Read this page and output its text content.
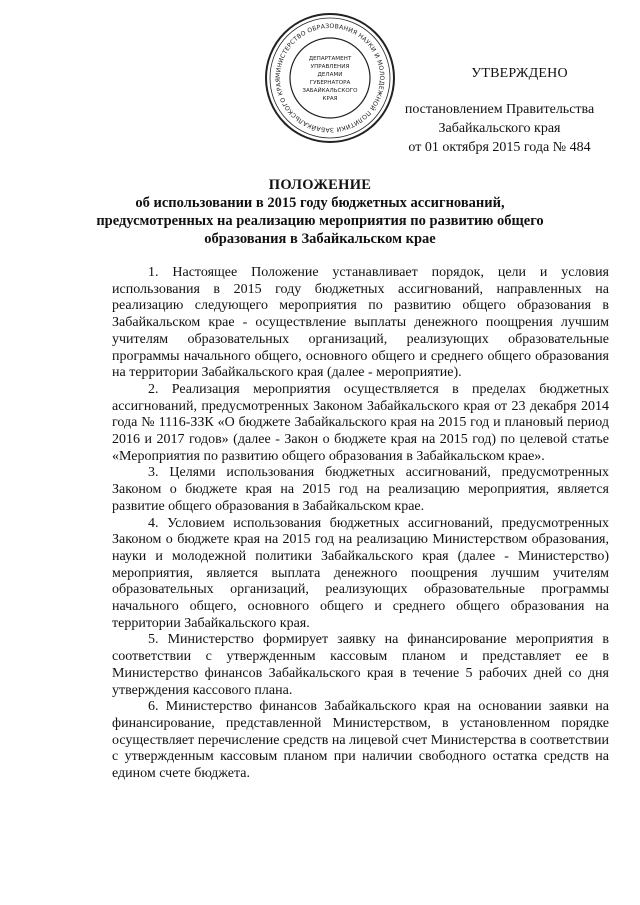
МИНИСТЕРСТВО ОБРАЗОВАНИЯ НАУКИ И МОЛОДЕЖНОЙ ПОЛИТИКИ ЗАБАЙКАЛЬСКОГО КРАЯ
ДЕПАРТАМЕНТ
УПРАВЛЕНИЯ
ДЕЛАМИ
ГУБЕРНАТОРА
ЗАБАЙКАЛЬСКОГО
КРАЯ
УТВЕРЖДЕНО
постановлением Правительства
Забайкальского края
от 01 октября 2015 года № 484
ПОЛОЖЕНИЕ
об использовании в 2015 году бюджетных ассигнований,
предусмотренных на реализацию мероприятия по развитию общего
образования в Забайкальском крае

1. Настоящее Положение устанавливает порядок, цели и условия использования в 2015 году бюджетных ассигнований, направленных на реализацию следующего мероприятия по развитию общего образования в Забайкальском крае - осуществление выплаты денежного поощрения лучшим учителям образовательных организаций, реализующих образовательные программы начального общего, основного общего и среднего общего образования на территории Забайкальского края (далее - мероприятие).

2. Реализация мероприятия осуществляется в пределах бюджетных ассигнований, предусмотренных Законом Забайкальского края от 23 декабря 2014 года № 1116-ЗЗК «О бюджете Забайкальского края на 2015 год и плановый период 2016 и 2017 годов» (далее - Закон о бюджете края на 2015 год) по целевой статье «Мероприятия по развитию общего образования в Забайкальском крае».

3. Целями использования бюджетных ассигнований, предусмотренных Законом о бюджете края на 2015 год на реализацию мероприятия, является развитие общего образования в Забайкальском крае.

4. Условием использования бюджетных ассигнований, предусмотренных Законом о бюджете края на 2015 год на реализацию Министерством образования, науки и молодежной политики Забайкальского края (далее - Министерство) мероприятия, является выплата денежного поощрения лучшим учителям образовательных организаций, реализующих образовательные программы начального общего, основного общего и среднего общего образования на территории Забайкальского края.

5. Министерство формирует заявку на финансирование мероприятия в соответствии с утвержденным кассовым планом и представляет ее в Министерство финансов Забайкальского края в течение 5 рабочих дней со дня утверждения кассового плана.

6. Министерство финансов Забайкальского края на основании заявки на финансирование, представленной Министерством, в установленном порядке осуществляет перечисление средств на лицевой счет Министерства в соответствии с утвержденным кассовым планом при наличии свободного остатка средств на едином счете бюджета.
